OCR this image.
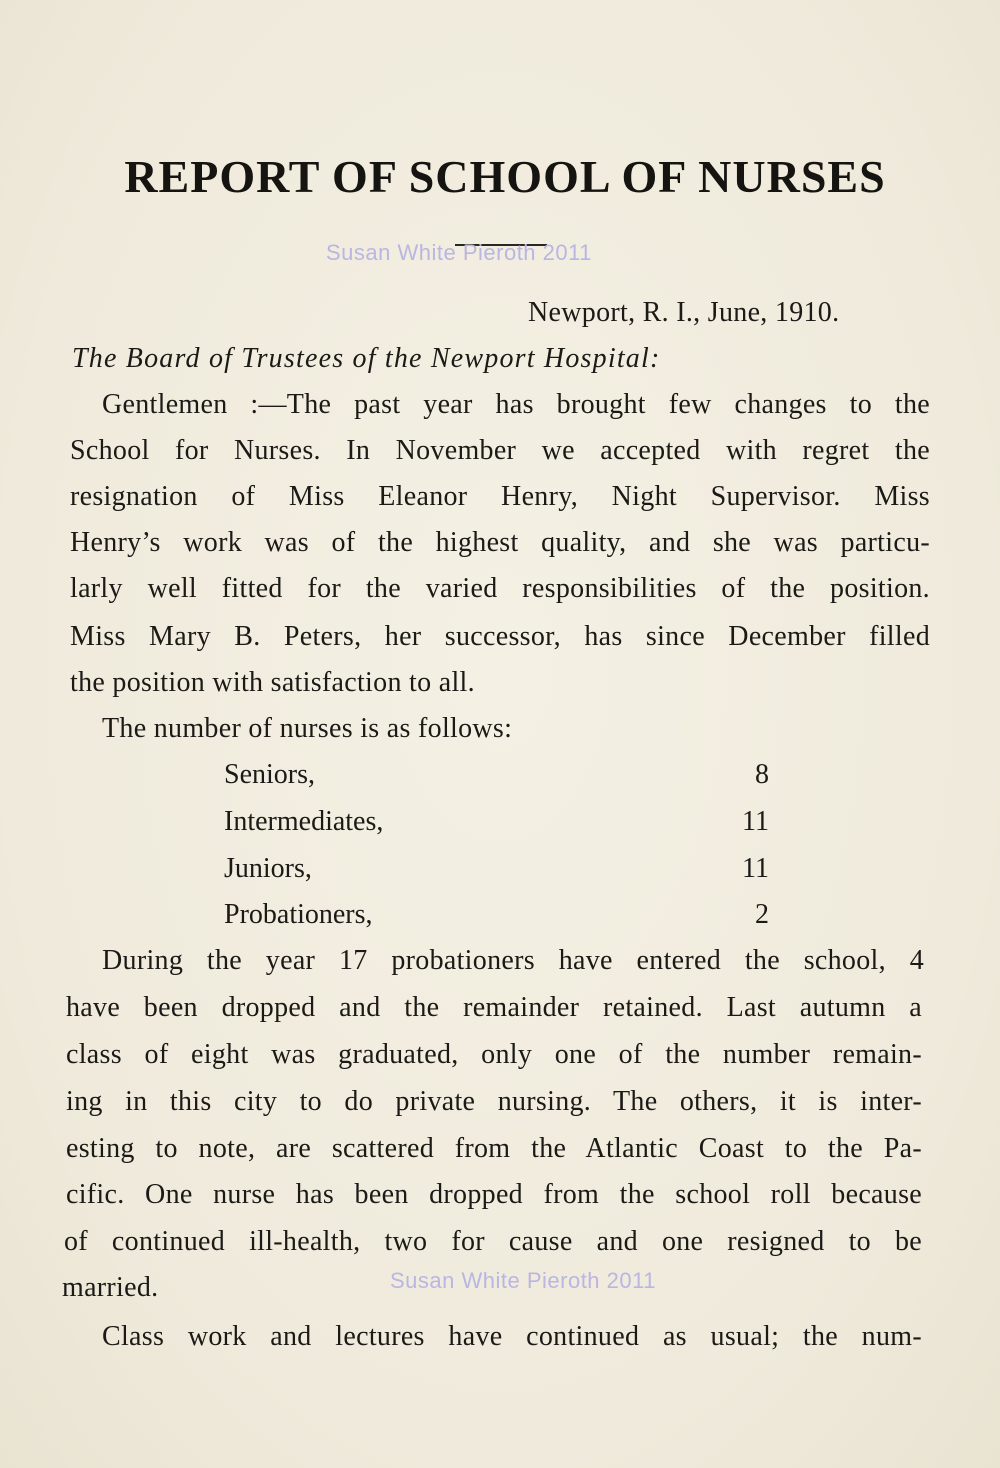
REPORT OF SCHOOL OF NURSES
Susan White Pieroth 2011
Newport, R. I., June, 1910.
The Board of Trustees of the Newport Hospital:
Gentlemen :—The past year has brought few changes to the
School for Nurses. In November we accepted with regret the
resignation of Miss Eleanor Henry, Night Supervisor. Miss
Henry’s work was of the highest quality, and she was particu-
larly well fitted for the varied responsibilities of the position.
Miss Mary B. Peters, her successor, has since December filled
the position with satisfaction to all.
The number of nurses is as follows:
Seniors,	8
Intermediates,	11
Juniors,	11
Probationers,	2
During the year 17 probationers have entered the school, 4
have been dropped and the remainder retained. Last autumn a
class of eight was graduated, only one of the number remain-
ing in this city to do private nursing. The others, it is inter-
esting to note, are scattered from the Atlantic Coast to the Pa-
cific. One nurse has been dropped from the school roll because
of continued ill-health, two for cause and one resigned to be
married.	Susan White Pieroth 2011
Class work and lectures have continued as usual; the num-
